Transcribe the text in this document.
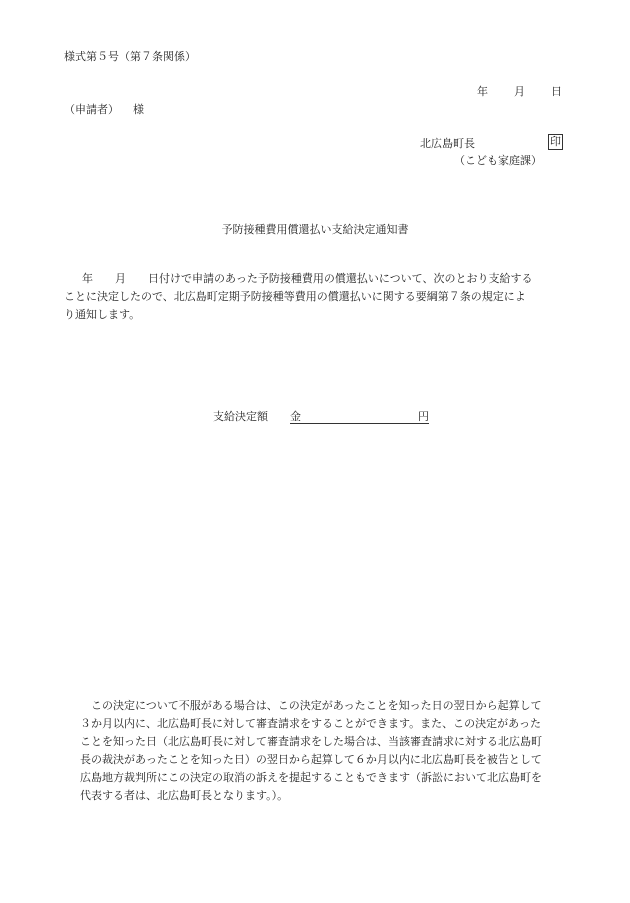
様式第５号（第７条関係）
年 月 日
（申請者） 様
北広島町長	印
（こども家庭課）
予防接種費用償還払い支給決定通知書
年 月 日付けで申請のあった予防接種費用の償還払いについて、次のとおり支給する
ことに決定したので、北広島町定期予防接種等費用の償還払いに関する要綱第７条の規定によ
り通知します。
支給決定額 金	円
この決定について不服がある場合は、この決定があったことを知った日の翌日から起算して
３か月以内に、北広島町長に対して審査請求をすることができます。また、この決定があった
ことを知った日（北広島町長に対して審査請求をした場合は、当該審査請求に対する北広島町
長の裁決があったことを知った日）の翌日から起算して６か月以内に北広島町長を被告として
広島地方裁判所にこの決定の取消の訴えを提起することもできます（訴訟において北広島町を
代表する者は、北広島町長となります。）。
